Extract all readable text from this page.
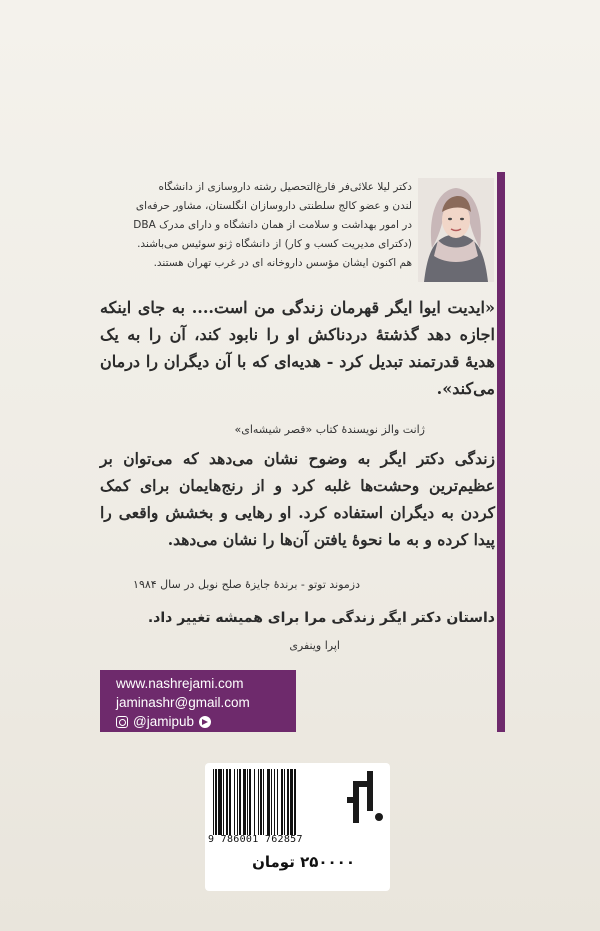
دکتر لیلا علائی‌فر فارغ‌التحصیل رشته داروسازی از دانشگاه
لندن و عضو کالج سلطنتی داروسازان انگلستان، مشاور حرفه‌ای
در امور بهداشت و سلامت از همان دانشگاه و دارای مدرک DBA
(دکترای مدیریت کسب و کار) از دانشگاه ژنو سوئیس می‌باشند.
هم اکنون ایشان مؤسس داروخانه ای در غرب تهران هستند.
«ایدیت ایوا ایگر قهرمان زندگی من است.... به جای اینکه اجازه دهد گذشتهٔ دردناکش او را نابود کند، آن را به یک هدیهٔ قدرتمند تبدیل کرد - هدیه‌ای که با آن دیگران را درمان می‌کند».
ژانت والز نویسندهٔ کتاب «قصر شیشه‌ای»
زندگی دکتر ایگر به وضوح نشان می‌دهد که می‌توان بر عظیم‌ترین وحشت‌ها غلبه کرد و از رنج‌هایمان برای کمک کردن به دیگران استفاده کرد. او رهایی و بخشش واقعی را پیدا کرده و به ما نحوهٔ یافتن آن‌ها را نشان می‌دهد.
دزموند توتو - برندهٔ جایزهٔ صلح نوبل در سال ۱۹۸۴
داستان دکتر ایگر زندگی مرا برای همیشه تغییر داد.
اپرا وینفری
www.nashrejami.com
jaminashr@gmail.com
@jamipub
9 786001 762857
۲۵۰۰۰۰ تومان
